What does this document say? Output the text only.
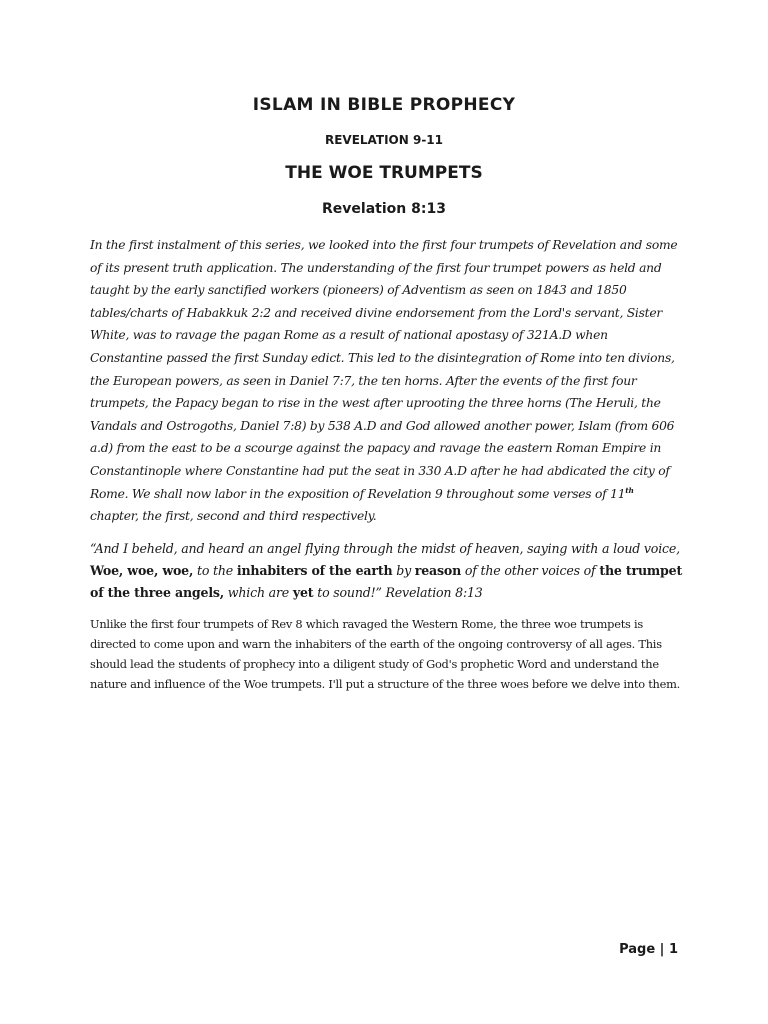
ISLAM IN BIBLE PROPHECY
REVELATION 9-11
THE WOE TRUMPETS
Revelation 8:13

In the first instalment of this series, we looked into the first four trumpets of Revelation and some of its present truth application. The understanding of the first four trumpet powers as held and taught by the early sanctified workers (pioneers) of Adventism as seen on 1843 and 1850 tables/charts of Habakkuk 2:2 and received divine endorsement from the Lord's servant, Sister White, was to ravage the pagan Rome as a result of national apostasy of 321A.D when Constantine passed the first Sunday edict. This led to the disintegration of Rome into ten divions, the European powers, as seen in Daniel 7:7, the ten horns. After the events of the first four trumpets, the Papacy began to rise in the west after uprooting the three horns (The Heruli, the Vandals and Ostrogoths, Daniel 7:8) by 538 A.D and God allowed another power, Islam (from 606 a.d) from the east to be a scourge against the papacy and ravage the eastern Roman Empire in Constantinople where Constantine had put the seat in 330 A.D after he had abdicated the city of Rome. We shall now labor in the exposition of Revelation 9 throughout some verses of 11th chapter, the first, second and third respectively.

“And I beheld, and heard an angel flying through the midst of heaven, saying with a loud voice, Woe, woe, woe, to the inhabiters of the earth by reason of the other voices of the trumpet of the three angels, which are yet to sound!” Revelation 8:13

Unlike the first four trumpets of Rev 8 which ravaged the Western Rome, the three woe trumpets is directed to come upon and warn the inhabiters of the earth of the ongoing controversy of all ages. This should lead the students of prophecy into a diligent study of God's prophetic Word and understand the nature and influence of the Woe trumpets. I'll put a structure of the three woes before we delve into them.

Page | 1
